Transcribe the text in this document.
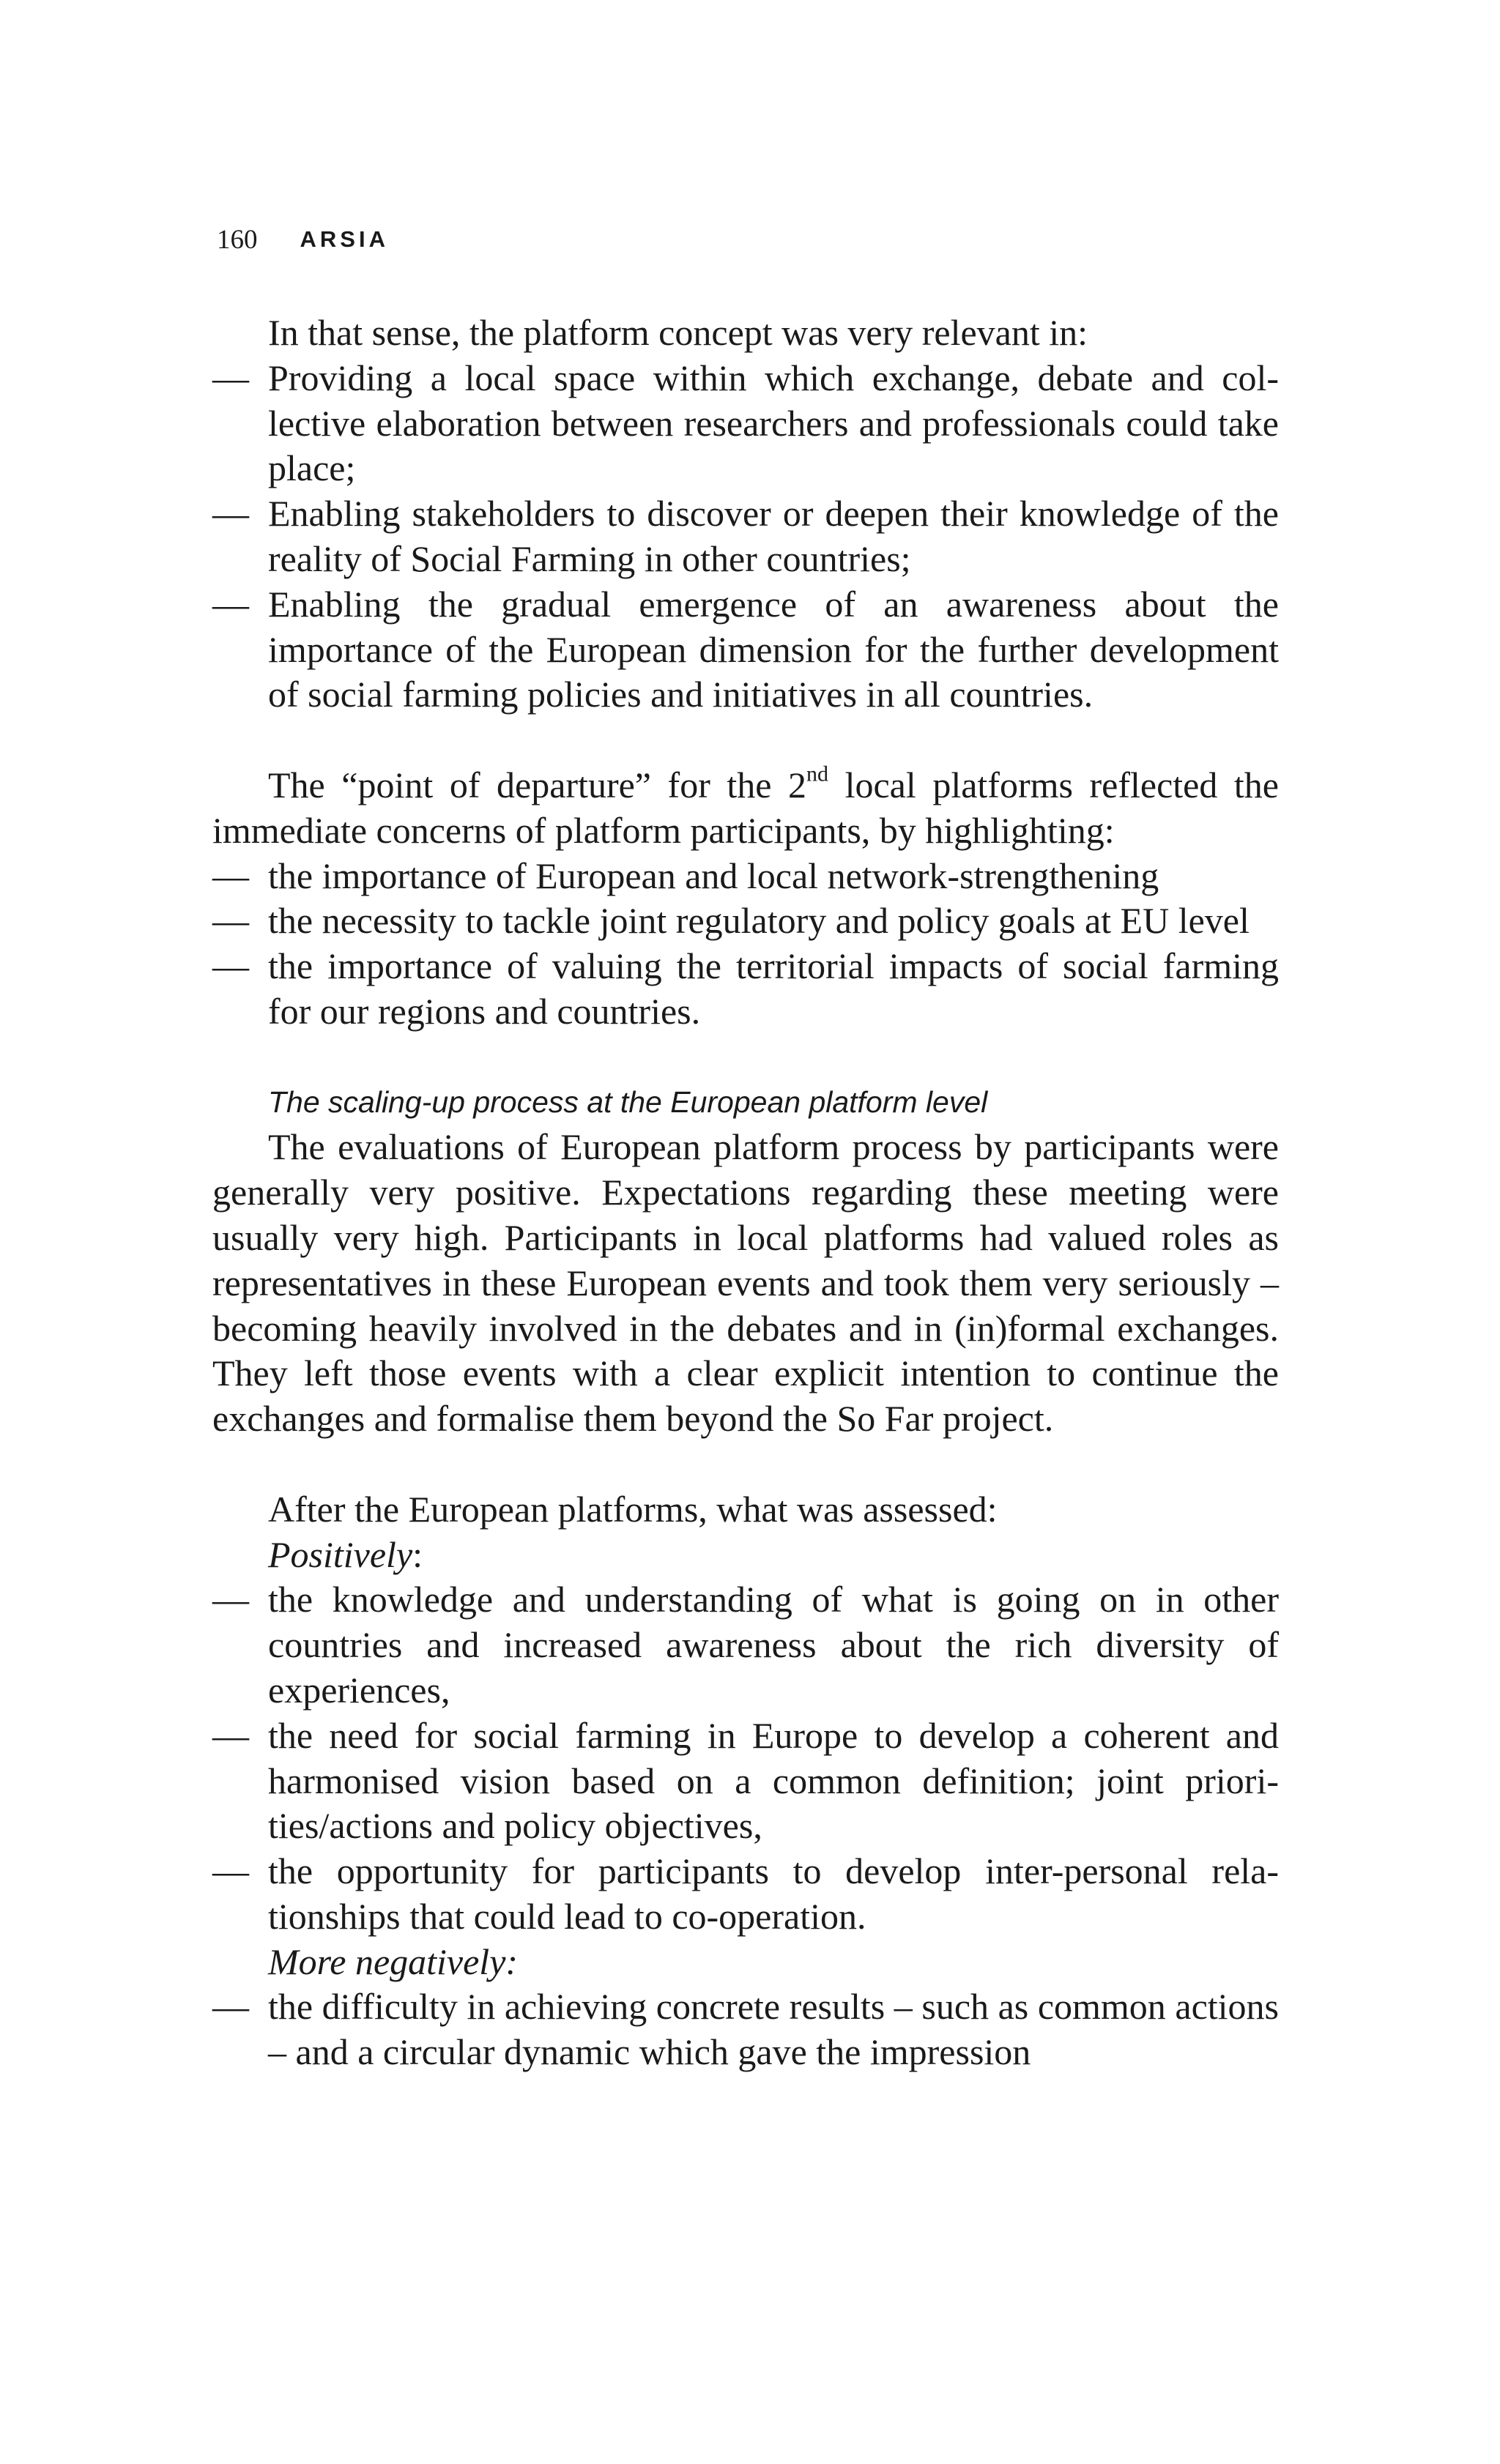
160 ARSIA

In that sense, the platform concept was very relevant in:

— Providing a local space within which exchange, debate and collective elaboration between researchers and professionals could take place;
— Enabling stakeholders to discover or deepen their knowledge of the reality of Social Farming in other countries;
— Enabling the gradual emergence of an awareness about the importance of the European dimension for the further development of social farming policies and initiatives in all countries.

The “point of departure” for the 2nd local platforms reflected the immediate concerns of platform participants, by highlighting:

— the importance of European and local network-strengthening
— the necessity to tackle joint regulatory and policy goals at EU level
— the importance of valuing the territorial impacts of social farming for our regions and countries.
The scaling-up process at the European platform level

The evaluations of European platform process by participants were generally very positive. Expectations regarding these meeting were usually very high. Participants in local platforms had valued roles as representatives in these European events and took them very seriously – becoming heavily involved in the debates and in (in)formal exchanges. They left those events with a clear explicit intention to continue the exchanges and formalise them beyond the So Far project.

After the European platforms, what was assessed:

Positively:
— the knowledge and understanding of what is going on in other countries and increased awareness about the rich diversity of experiences,
— the need for social farming in Europe to develop a coherent and harmonised vision based on a common definition; joint priorities/actions and policy objectives,
— the opportunity for participants to develop inter-personal relationships that could lead to co-operation.
More negatively:
— the difficulty in achieving concrete results – such as common actions – and a circular dynamic which gave the impression
